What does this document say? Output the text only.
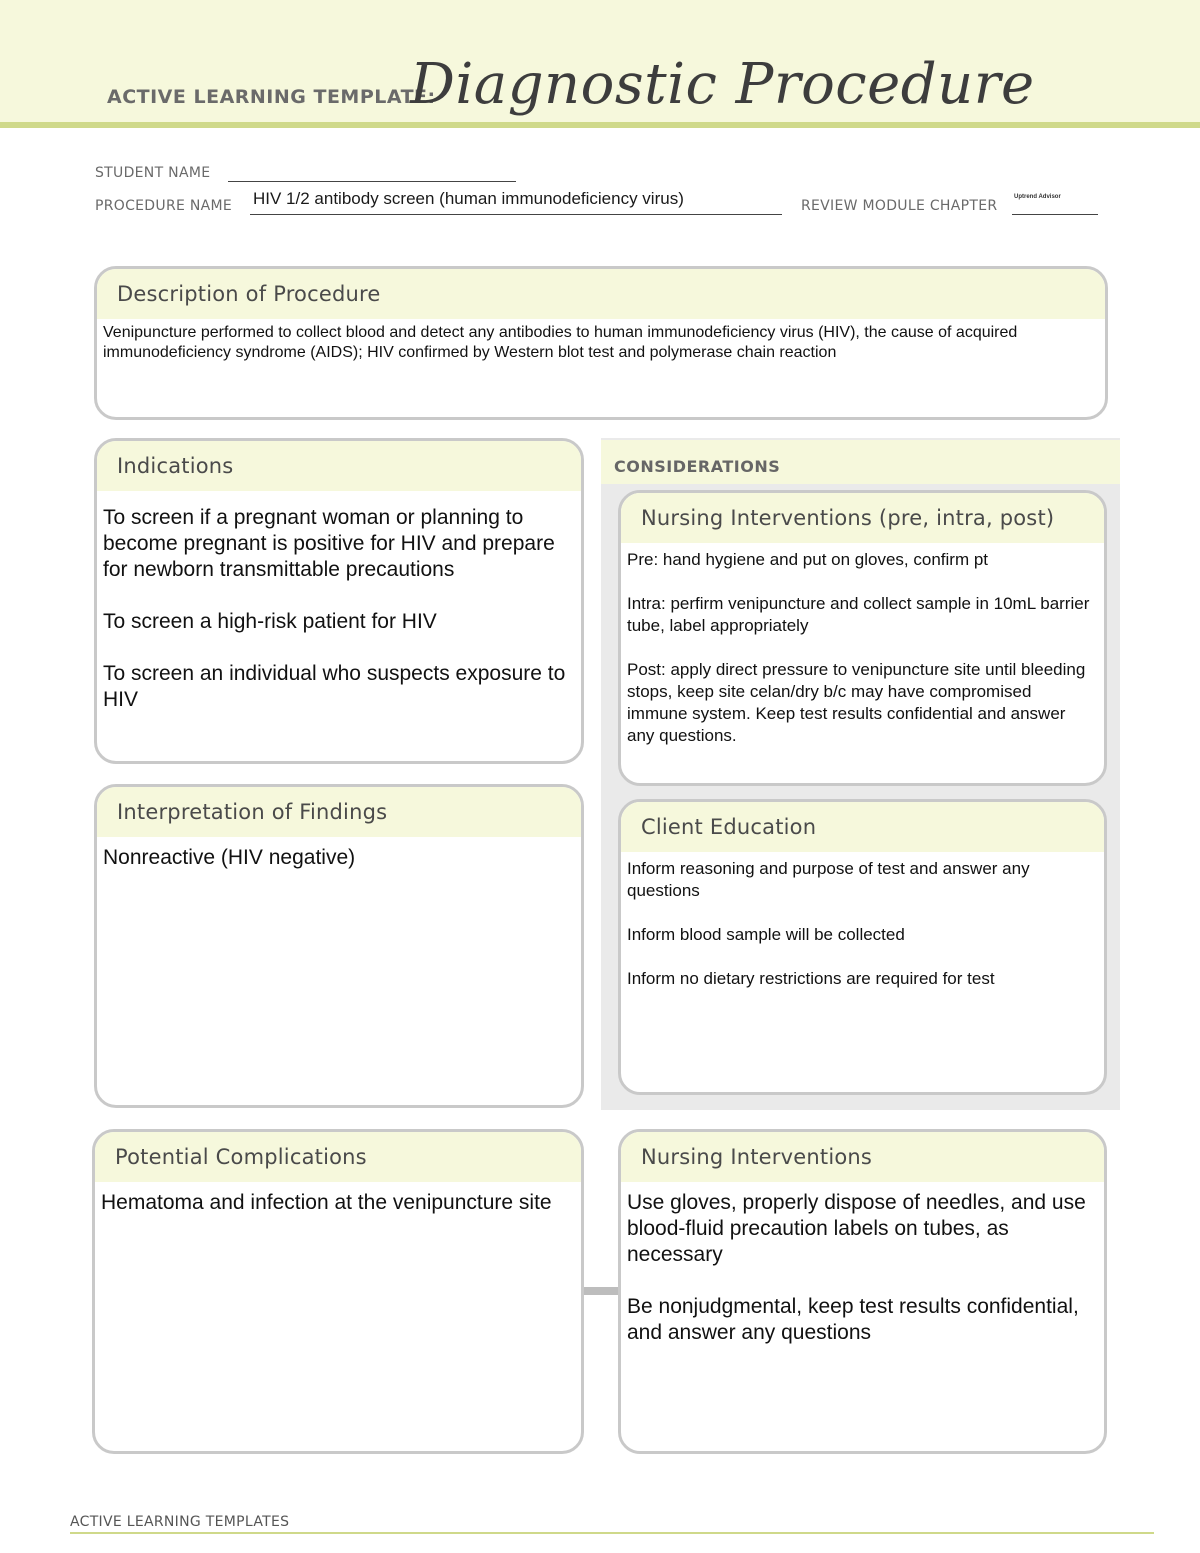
ACTIVE LEARNING TEMPLATE:
Diagnostic Procedure
STUDENT NAME
PROCEDURE NAME HIV 1/2 antibody screen (human immunodeficiency virus)	REVIEW MODULE CHAPTER
Uptrend Advisor
Description of Procedure
Venipuncture performed to collect blood and detect any antibodies to human immunodeficiency virus (HIV), the cause of acquired immunodeficiency syndrome (AIDS); HIV confirmed by Western blot test and polymerase chain reaction
Indications

To screen if a pregnant woman or planning to become pregnant is positive for HIV and prepare for newborn transmittable precautions

To screen a high-risk patient for HIV

To screen an individual who suspects exposure to HIV

CONSIDERATIONS
Nursing Interventions (pre, intra, post)

Pre: hand hygiene and put on gloves, confirm pt

Intra: perfirm venipuncture and collect sample in 10mL barrier tube, label appropriately

Post: apply direct pressure to venipuncture site until bleeding stops, keep site celan/dry b/c may have compromised immune system. Keep test results confidential and answer any questions.

Client Education

Inform reasoning and purpose of test and answer any questions

Inform blood sample will be collected

Inform no dietary restrictions are required for test

Interpretation of Findings
Nonreactive (HIV negative)
Potential Complications
Hematoma and infection at the venipuncture site
Nursing Interventions

Use gloves, properly dispose of needles, and use blood-fluid precaution labels on tubes, as necessary

Be nonjudgmental, keep test results confidential, and answer any questions

ACTIVE LEARNING TEMPLATES
